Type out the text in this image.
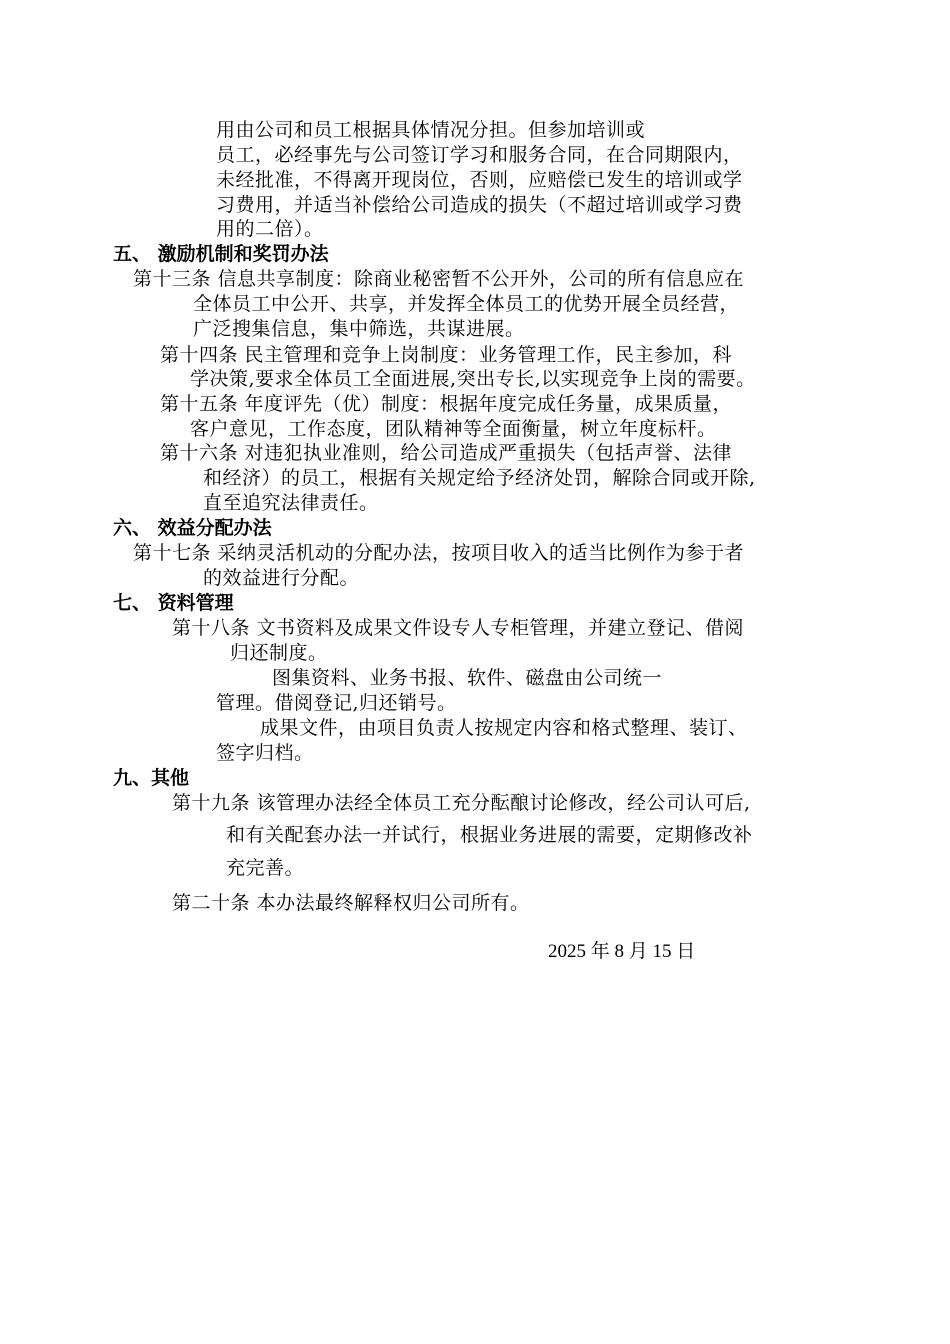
用由公司和员工根据具体情况分担。但参加培训或
员工，必经事先与公司签订学习和服务合同，在合同期限内，
未经批准，不得离开现岗位，否则，应赔偿已发生的培训或学
习费用，并适当补偿给公司造成的损失（不超过培训或学习费
用的二倍）。
五、 激励机制和奖罚办法
第十三条 信息共享制度：除商业秘密暂不公开外，公司的所有信息应在
全体员工中公开、共享，并发挥全体员工的优势开展全员经营，
广泛搜集信息，集中筛选，共谋进展。
第十四条 民主管理和竞争上岗制度：业务管理工作，民主参加，科
学决策,要求全体员工全面进展,突出专长,以实现竞争上岗的需要。
第十五条 年度评先（优）制度：根据年度完成任务量，成果质量，
客户意见，工作态度，团队精神等全面衡量，树立年度标杆。
第十六条 对违犯执业准则，给公司造成严重损失（包括声誉、法律
和经济）的员工，根据有关规定给予经济处罚，解除合同或开除,
直至追究法律责任。
六、 效益分配办法
第十七条 采纳灵活机动的分配办法，按项目收入的适当比例作为参于者
的效益进行分配。
七、 资料管理
第十八条 文书资料及成果文件设专人专柜管理，并建立登记、借阅
归还制度。
图集资料、业务书报、软件、磁盘由公司统一
管理。借阅登记,归还销号。
成果文件，由项目负责人按规定内容和格式整理、装订、
签字归档。
九、其他
第十九条 该管理办法经全体员工充分酝酿讨论修改，经公司认可后,
和有关配套办法一并试行，根据业务进展的需要，定期修改补
充完善。
第二十条 本办法最终解释权归公司所有。
2025 年 8 月 15 日
